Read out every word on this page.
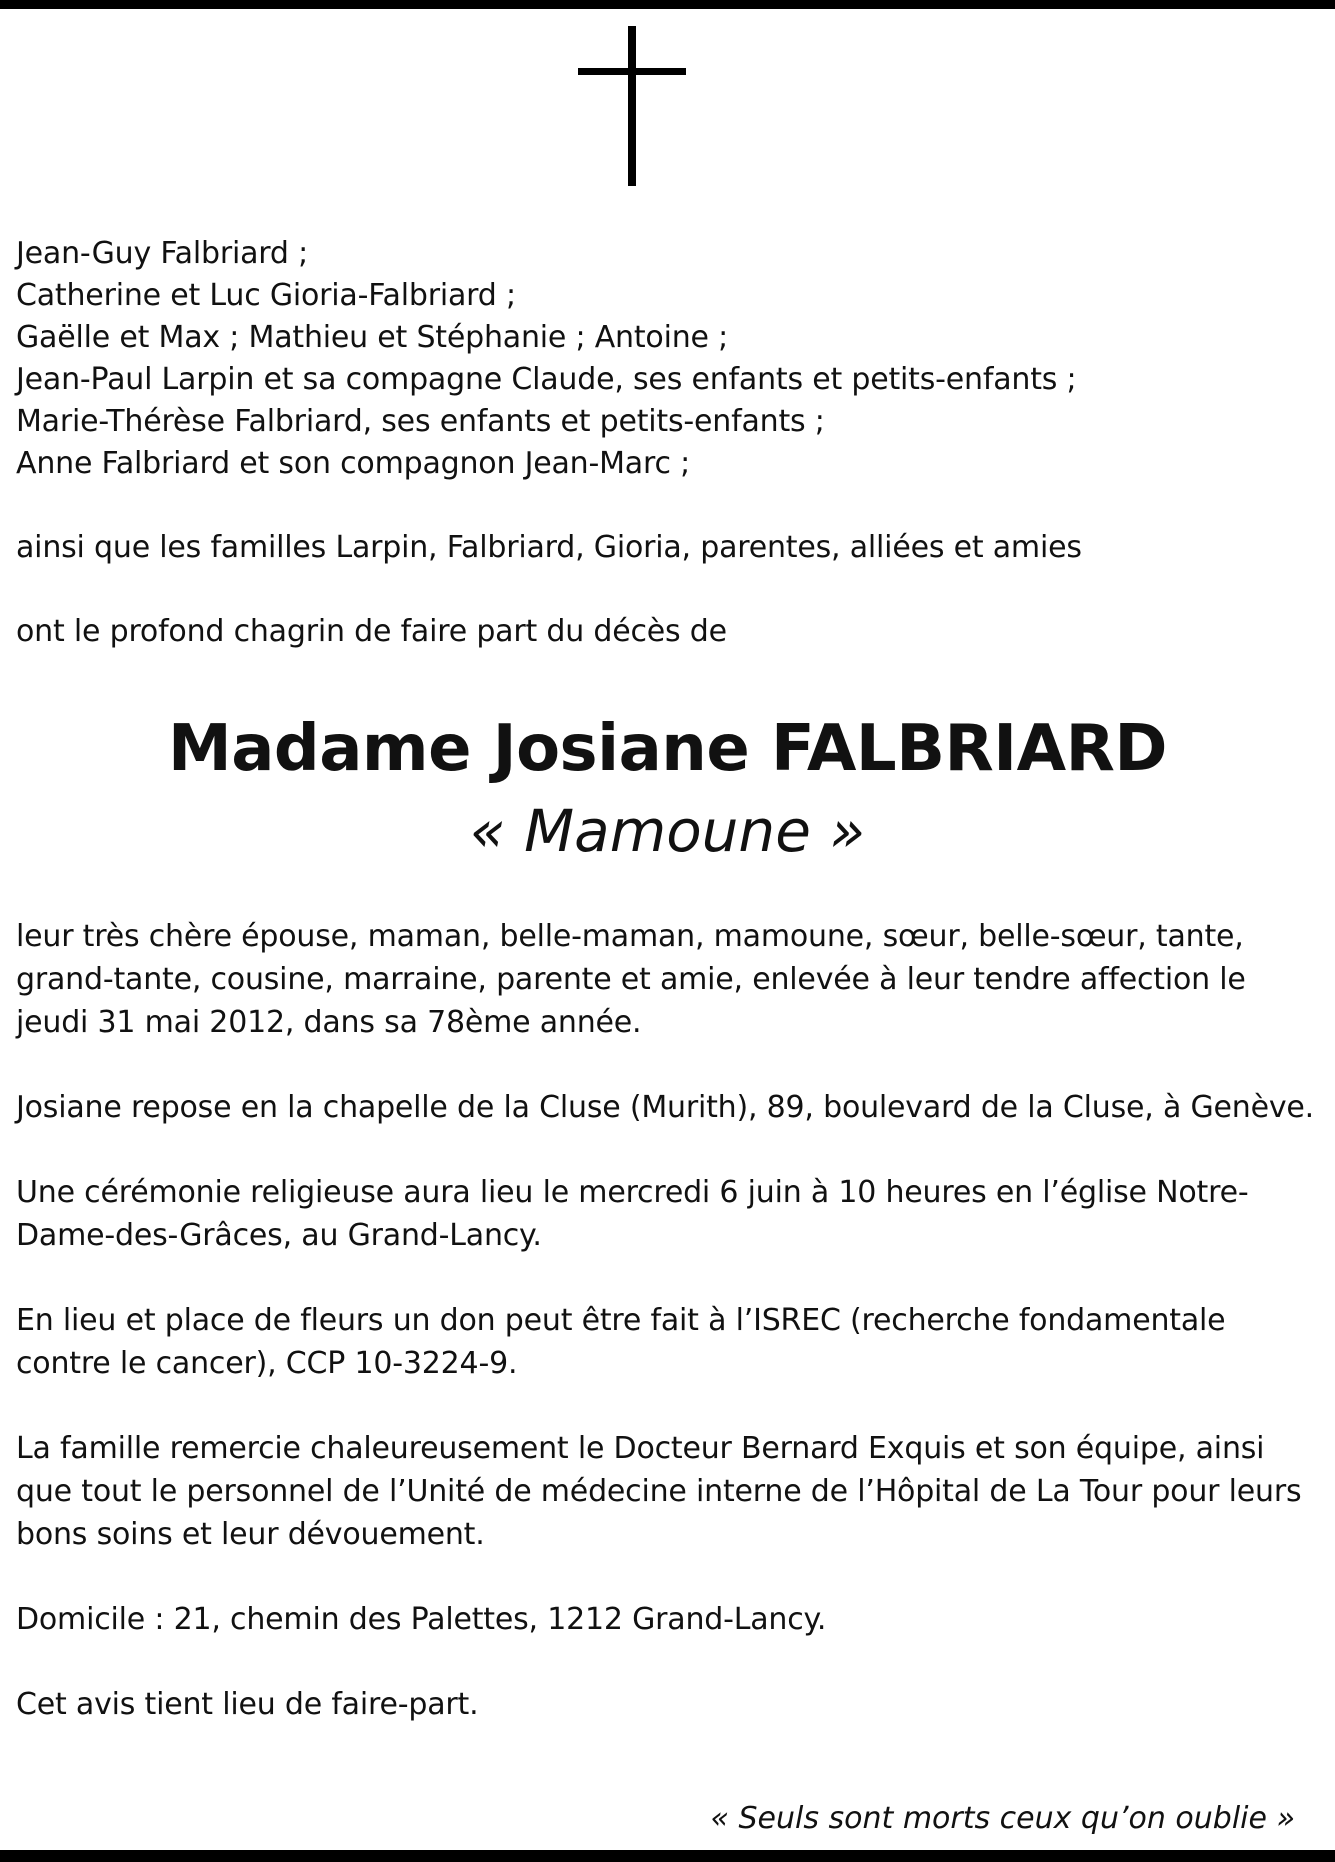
Jean-Guy Falbriard ;

Catherine et Luc Gioria-Falbriard ;

Gaëlle et Max ; Mathieu et Stéphanie ; Antoine ;

Jean-Paul Larpin et sa compagne Claude, ses enfants et petits-enfants ;

Marie-Thérèse Falbriard, ses enfants et petits-enfants ;

Anne Falbriard et son compagnon Jean-Marc ;

ainsi que les familles Larpin, Falbriard, Gioria, parentes, alliées et amies

ont le profond chagrin de faire part du décès de

Madame Josiane FALBRIARD
« Mamoune »

leur très chère épouse, maman, belle-maman, mamoune, sœur, belle-sœur, tante, grand-tante, cousine, marraine, parente et amie, enlevée à leur tendre affection le jeudi 31 mai 2012, dans sa 78ème année.

Josiane repose en la chapelle de la Cluse (Murith), 89, boulevard de la Cluse, à Genève.

Une cérémonie religieuse aura lieu le mercredi 6 juin à 10 heures en l’église Notre-Dame-des-Grâces, au Grand-Lancy.

En lieu et place de fleurs un don peut être fait à l’ISREC (recherche fondamentale contre le cancer), CCP 10-3224-9.

La famille remercie chaleureusement le Docteur Bernard Exquis et son équipe, ainsi que tout le personnel de l’Unité de médecine interne de l’Hôpital de La Tour pour leurs bons soins et leur dévouement.

Domicile : 21, chemin des Palettes, 1212 Grand-Lancy.

Cet avis tient lieu de faire-part.

« Seuls sont morts ceux qu’on oublie »
